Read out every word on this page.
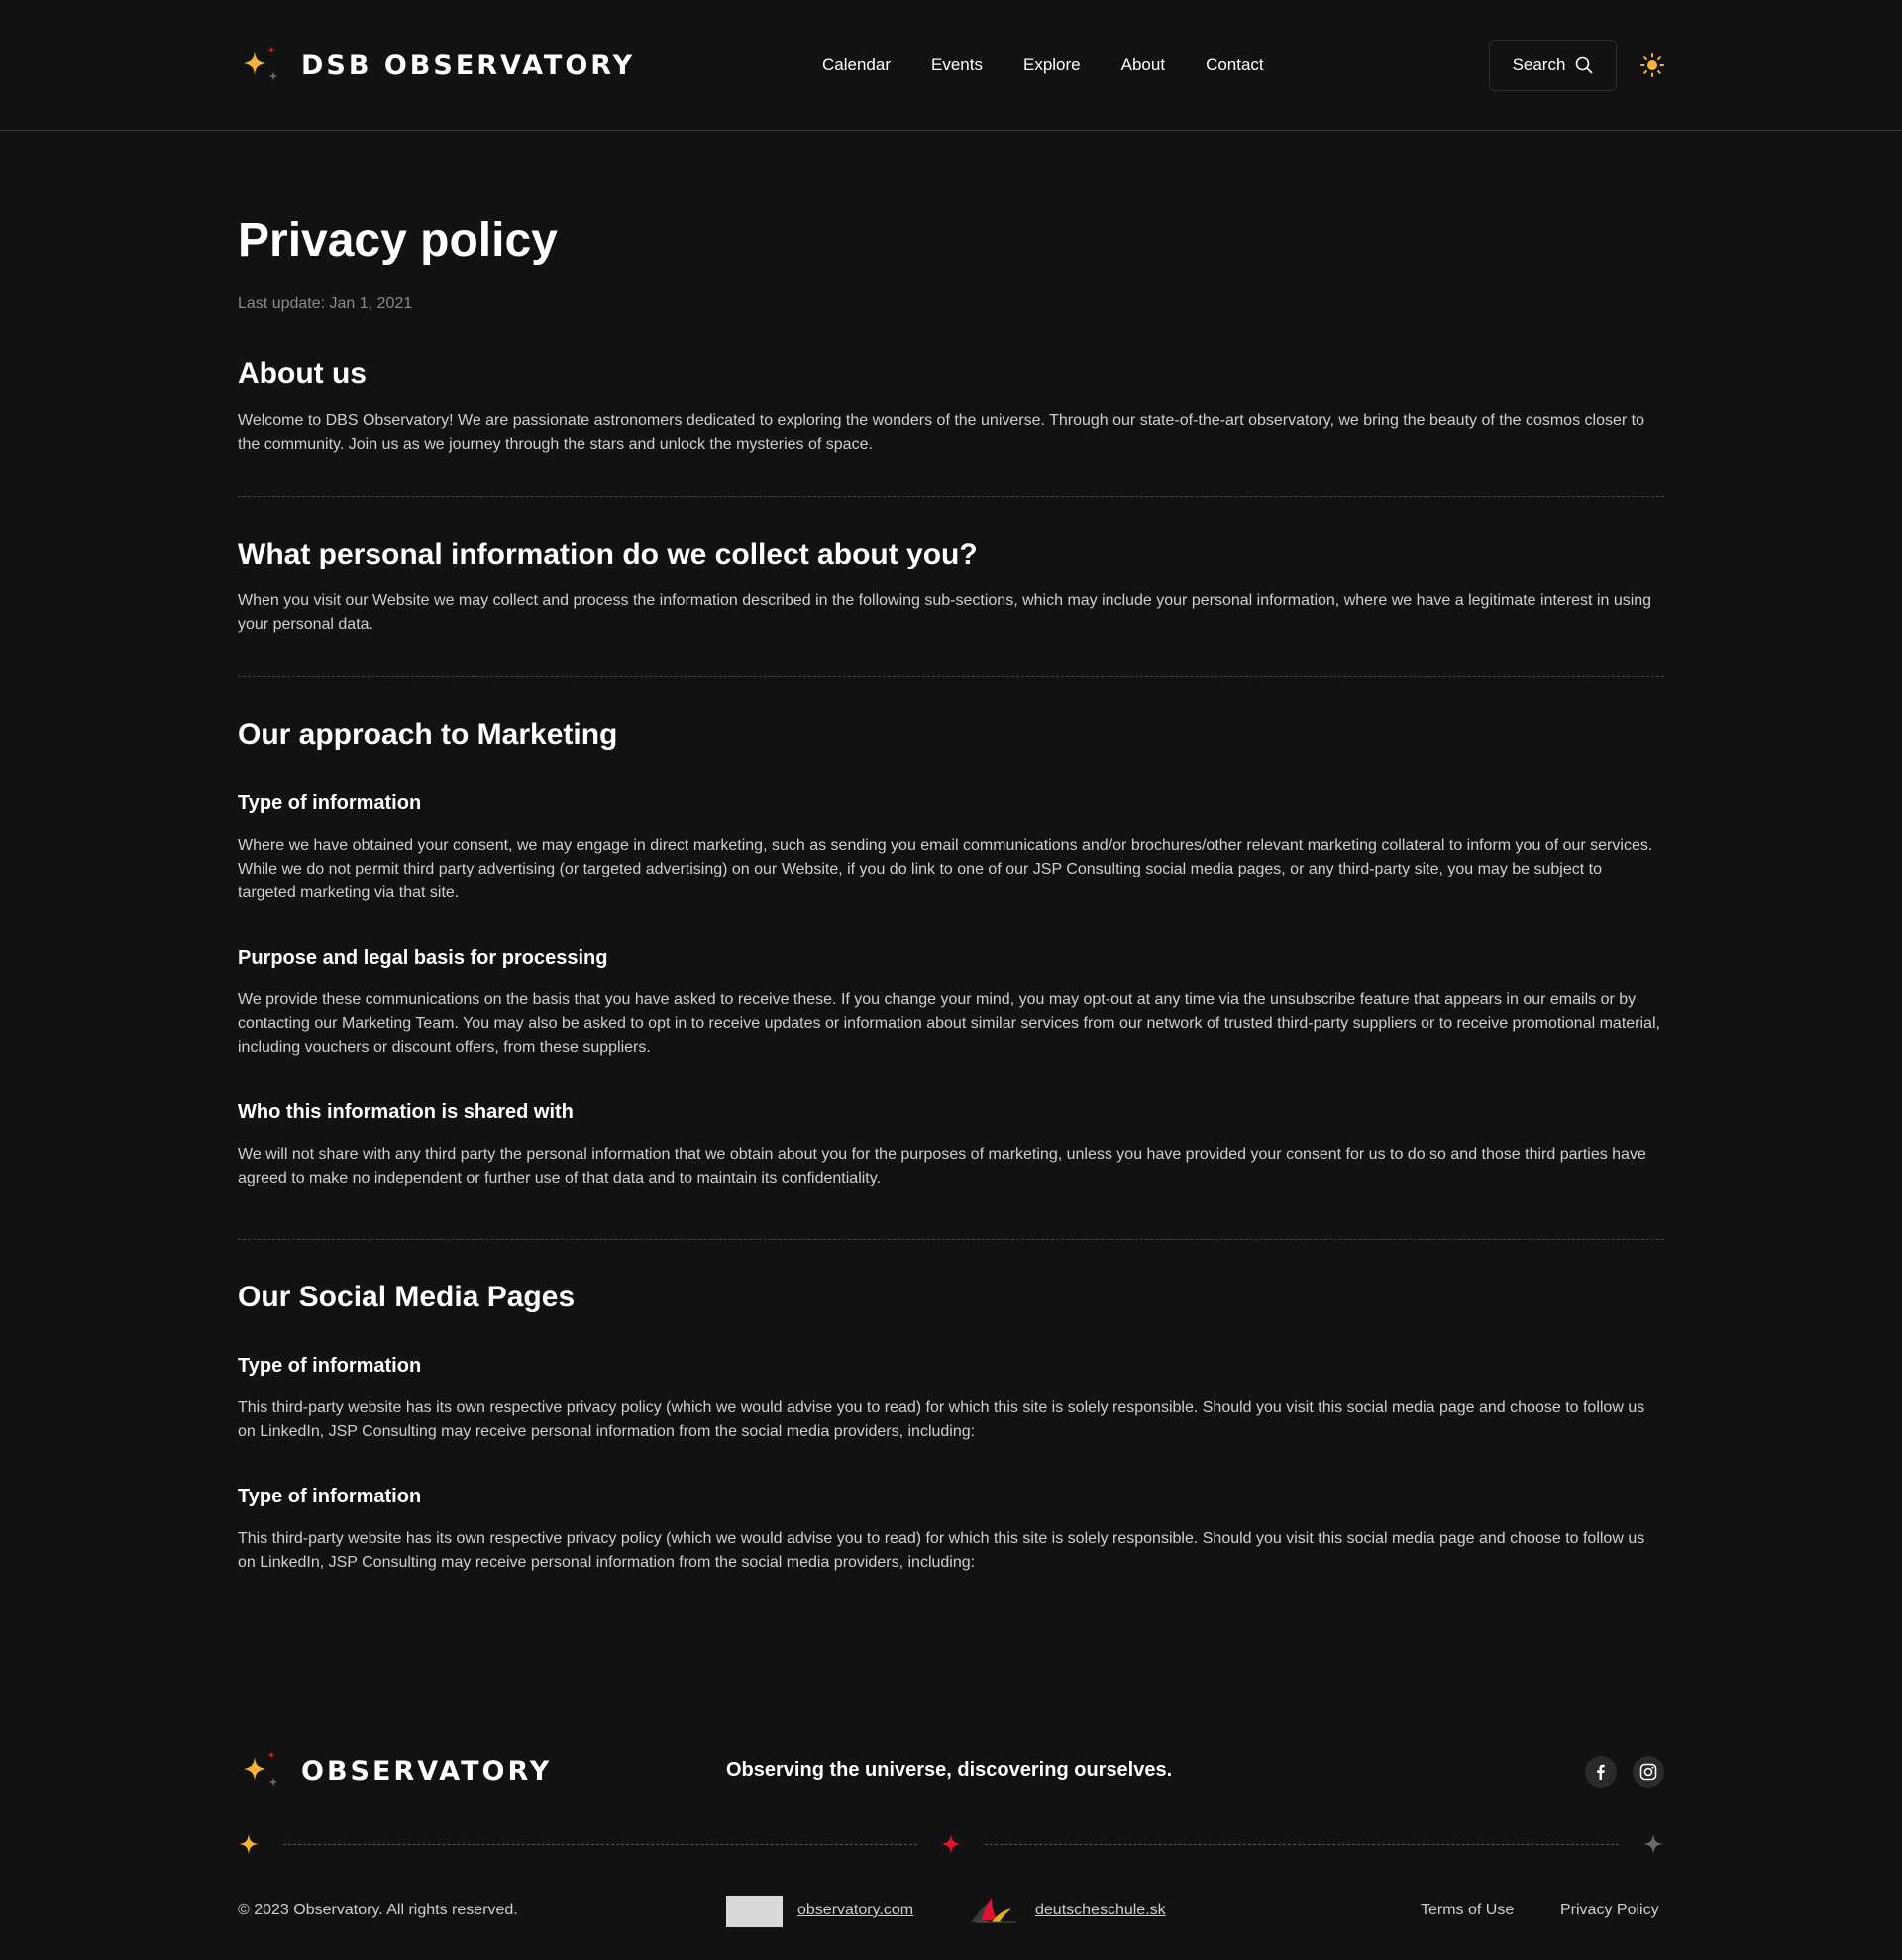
DSB OBSERVATORY	Calendar Events Explore About Contact	Search
Privacy policy
Last update: Jan 1, 2021
About us

Welcome to DBS Observatory! We are passionate astronomers dedicated to exploring the wonders of the universe. Through our state-of-the-art observatory, we bring the beauty of the cosmos closer to the community. Join us as we journey through the stars and unlock the mysteries of space.

What personal information do we collect about you?

When you visit our Website we may collect and process the information described in the following sub-sections, which may include your personal information, where we have a legitimate interest in using your personal data.

Our approach to Marketing
Type of information

Where we have obtained your consent, we may engage in direct marketing, such as sending you email communications and/or brochures/other relevant marketing collateral to inform you of our services. While we do not permit third party advertising (or targeted advertising) on our Website, if you do link to one of our JSP Consulting social media pages, or any third-party site, you may be subject to targeted marketing via that site.

Purpose and legal basis for processing

We provide these communications on the basis that you have asked to receive these. If you change your mind, you may opt-out at any time via the unsubscribe feature that appears in our emails or by contacting our Marketing Team. You may also be asked to opt in to receive updates or information about similar services from our network of trusted third-party suppliers or to receive promotional material, including vouchers or discount offers, from these suppliers.

Who this information is shared with

We will not share with any third party the personal information that we obtain about you for the purposes of marketing, unless you have provided your consent for us to do so and those third parties have agreed to make no independent or further use of that data and to maintain its confidentiality.

Our Social Media Pages
Type of information

This third-party website has its own respective privacy policy (which we would advise you to read) for which this site is solely responsible. Should you visit this social media page and choose to follow us on LinkedIn, JSP Consulting may receive personal information from the social media providers, including:

Type of information

This third-party website has its own respective privacy policy (which we would advise you to read) for which this site is solely responsible. Should you visit this social media page and choose to follow us on LinkedIn, JSP Consulting may receive personal information from the social media providers, including:

OBSERVATORY	Observing the universe, discovering ourselves.
© 2023 Observatory. All rights reserved.	observatory.com	deutscheschule.sk	Terms of Use	Privacy Policy
